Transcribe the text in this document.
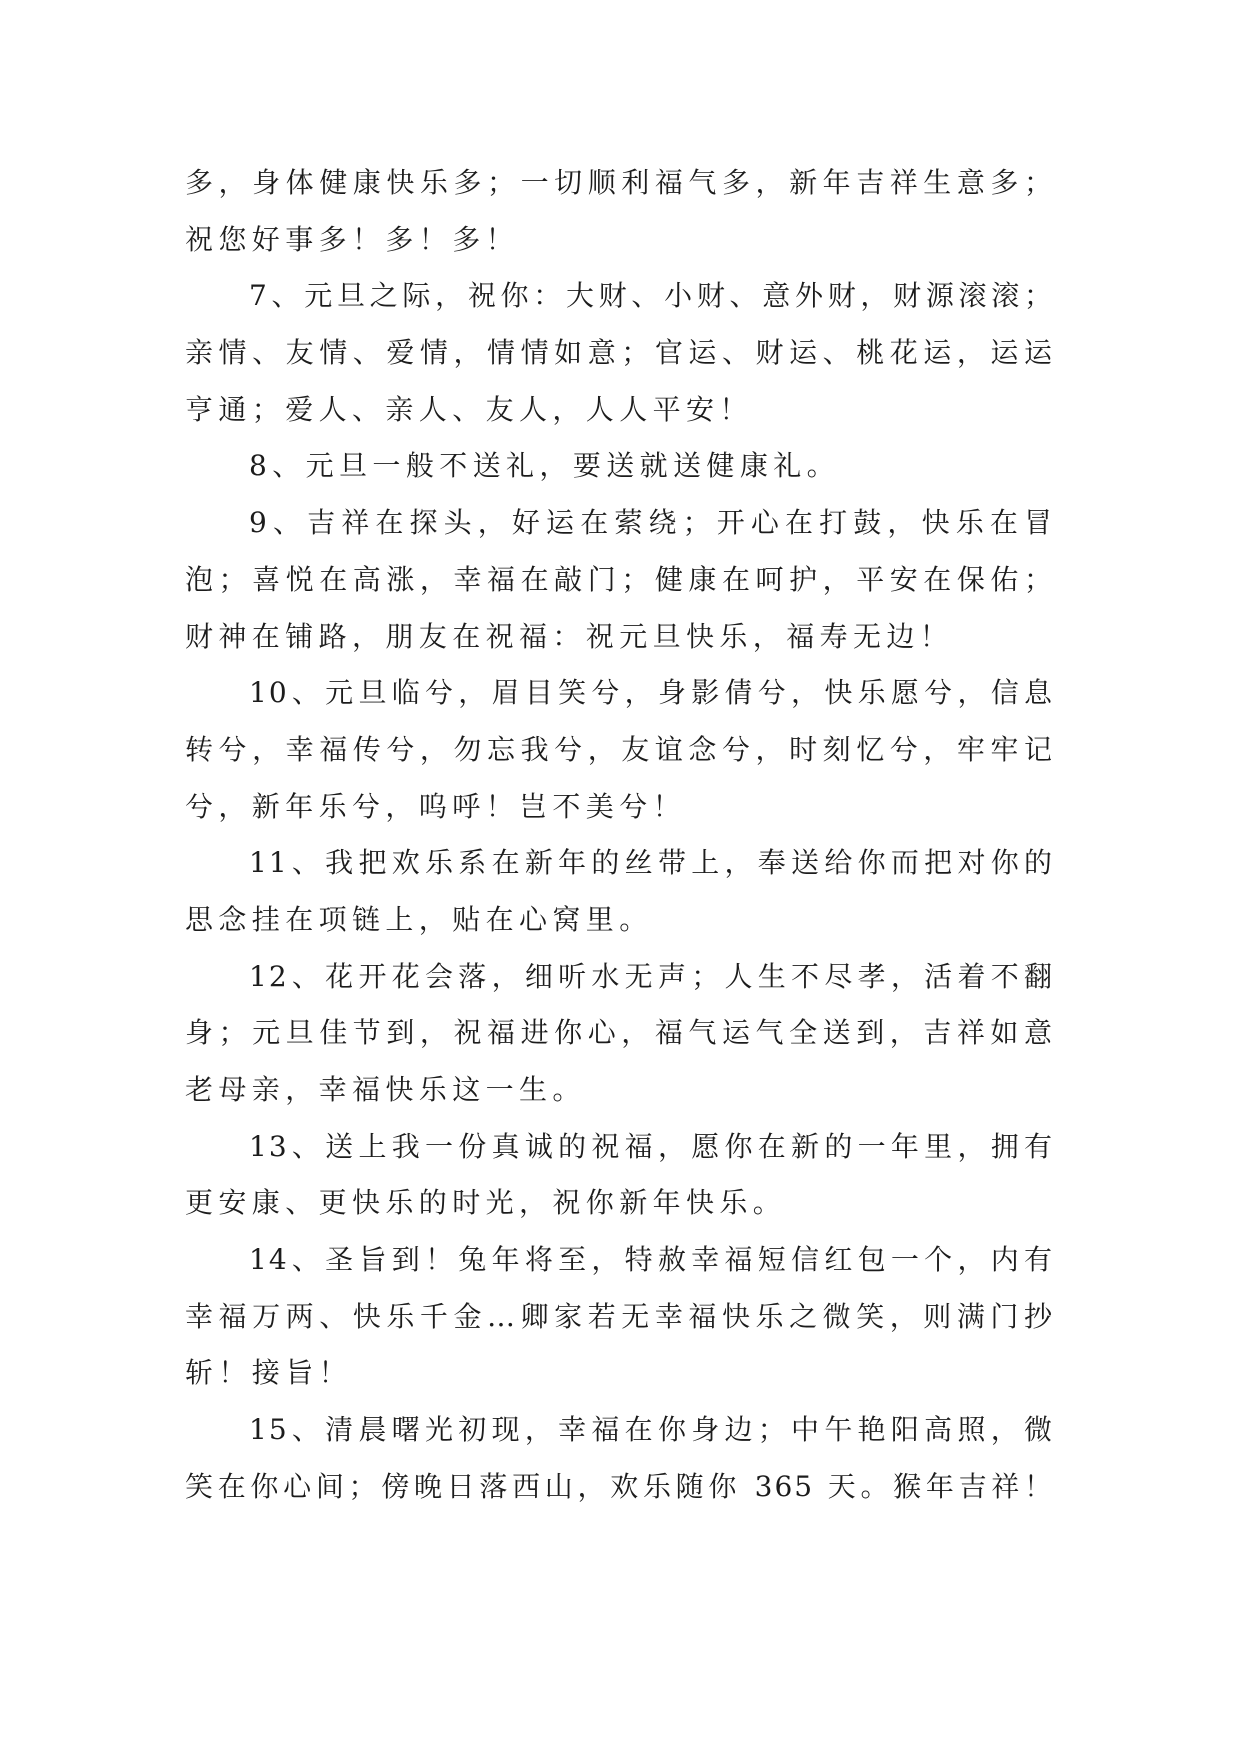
多，身体健康快乐多；一切顺利福气多，新年吉祥生意多；
祝您好事多！多！多！
7、元旦之际，祝你：大财、小财、意外财，财源滚滚；
亲情、友情、爱情，情情如意；官运、财运、桃花运，运运
亨通；爱人、亲人、友人，人人平安！
8、元旦一般不送礼，要送就送健康礼。
9、吉祥在探头，好运在萦绕；开心在打鼓，快乐在冒
泡；喜悦在高涨，幸福在敲门；健康在呵护，平安在保佑；
财神在铺路，朋友在祝福：祝元旦快乐，福寿无边！
10、元旦临兮，眉目笑兮，身影倩兮，快乐愿兮，信息
转兮，幸福传兮，勿忘我兮，友谊念兮，时刻忆兮，牢牢记
兮，新年乐兮，呜呼！岂不美兮！
11、我把欢乐系在新年的丝带上，奉送给你而把对你的
思念挂在项链上，贴在心窝里。
12、花开花会落，细听水无声；人生不尽孝，活着不翻
身；元旦佳节到，祝福进你心，福气运气全送到，吉祥如意
老母亲，幸福快乐这一生。
13、送上我一份真诚的祝福，愿你在新的一年里，拥有
更安康、更快乐的时光，祝你新年快乐。
14、圣旨到！兔年将至，特赦幸福短信红包一个，内有
幸福万两、快乐千金…卿家若无幸福快乐之微笑，则满门抄
斩！接旨！
15、清晨曙光初现，幸福在你身边；中午艳阳高照，微
笑在你心间；傍晚日落西山，欢乐随你 365 天。猴年吉祥！
